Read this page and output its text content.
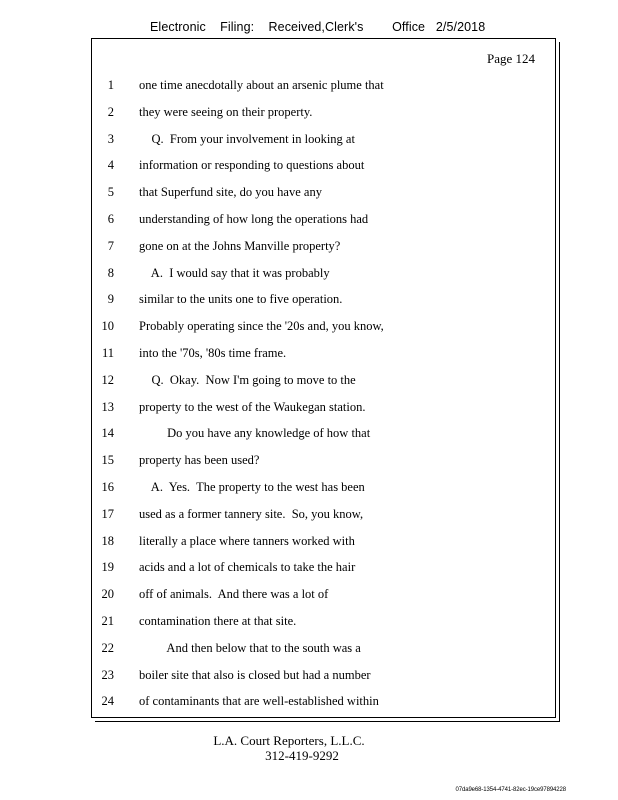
Electronic    Filing:    Received,Clerk's        Office   2/5/2018
Page 124
1 one time anecdotally about an arsenic plume that
2 they were seeing on their property.
3 Q.  From your involvement in looking at
4 information or responding to questions about
5 that Superfund site, do you have any
6 understanding of how long the operations had
7 gone on at the Johns Manville property?
8 A.  I would say that it was probably
9 similar to the units one to five operation.
10 Probably operating since the '20s and, you know,
11 into the '70s, '80s time frame.
12 Q.  Okay.  Now I'm going to move to the
13 property to the west of the Waukegan station.
14 Do you have any knowledge of how that
15 property has been used?
16 A.  Yes.  The property to the west has been
17 used as a former tannery site.  So, you know,
18 literally a place where tanners worked with
19 acids and a lot of chemicals to take the hair
20 off of animals.  And there was a lot of
21 contamination there at that site.
22 And then below that to the south was a
23 boiler site that also is closed but had a number
24 of contaminants that are well-established within
L.A. Court Reporters, L.L.C.
312-419-9292
07da9e68-1354-4741-82ec-19ce97894228
